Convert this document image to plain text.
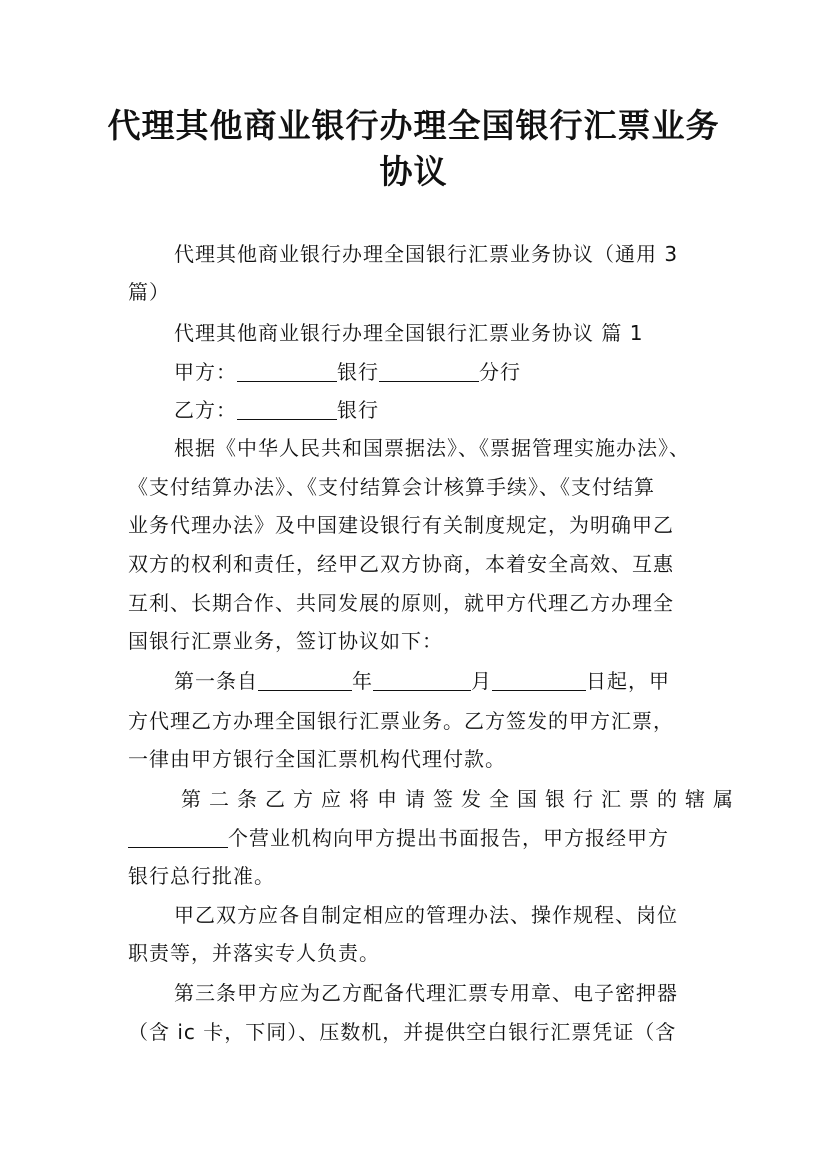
代理其他商业银行办理全国银行汇票业务
协议

代理其他商业银行办理全国银行汇票业务协议（通用 3

篇）

代理其他商业银行办理全国银行汇票业务协议 篇 1

甲方：	银行	分行

乙方：	银行

根据《中华人民共和国票据法》、《票据管理实施办法》、

《支付结算办法》、《支付结算会计核算手续》、《支付结算

业务代理办法》及中国建设银行有关制度规定，为明确甲乙

双方的权利和责任，经甲乙双方协商，本着安全高效、互惠

互利、长期合作、共同发展的原则，就甲方代理乙方办理全

国银行汇票业务，签订协议如下：

第一条自	年	月	日起，甲

方代理乙方办理全国银行汇票业务。乙方签发的甲方汇票，

一律由甲方银行全国汇票机构代理付款。

第二条乙方应将申请签发全国银行汇票的辖属

个营业机构向甲方提出书面报告，甲方报经甲方

银行总行批准。

甲乙双方应各自制定相应的管理办法、操作规程、岗位

职责等，并落实专人负责。

第三条甲方应为乙方配备代理汇票专用章、电子密押器

（含 ic 卡，下同）、压数机，并提供空白银行汇票凭证（含
